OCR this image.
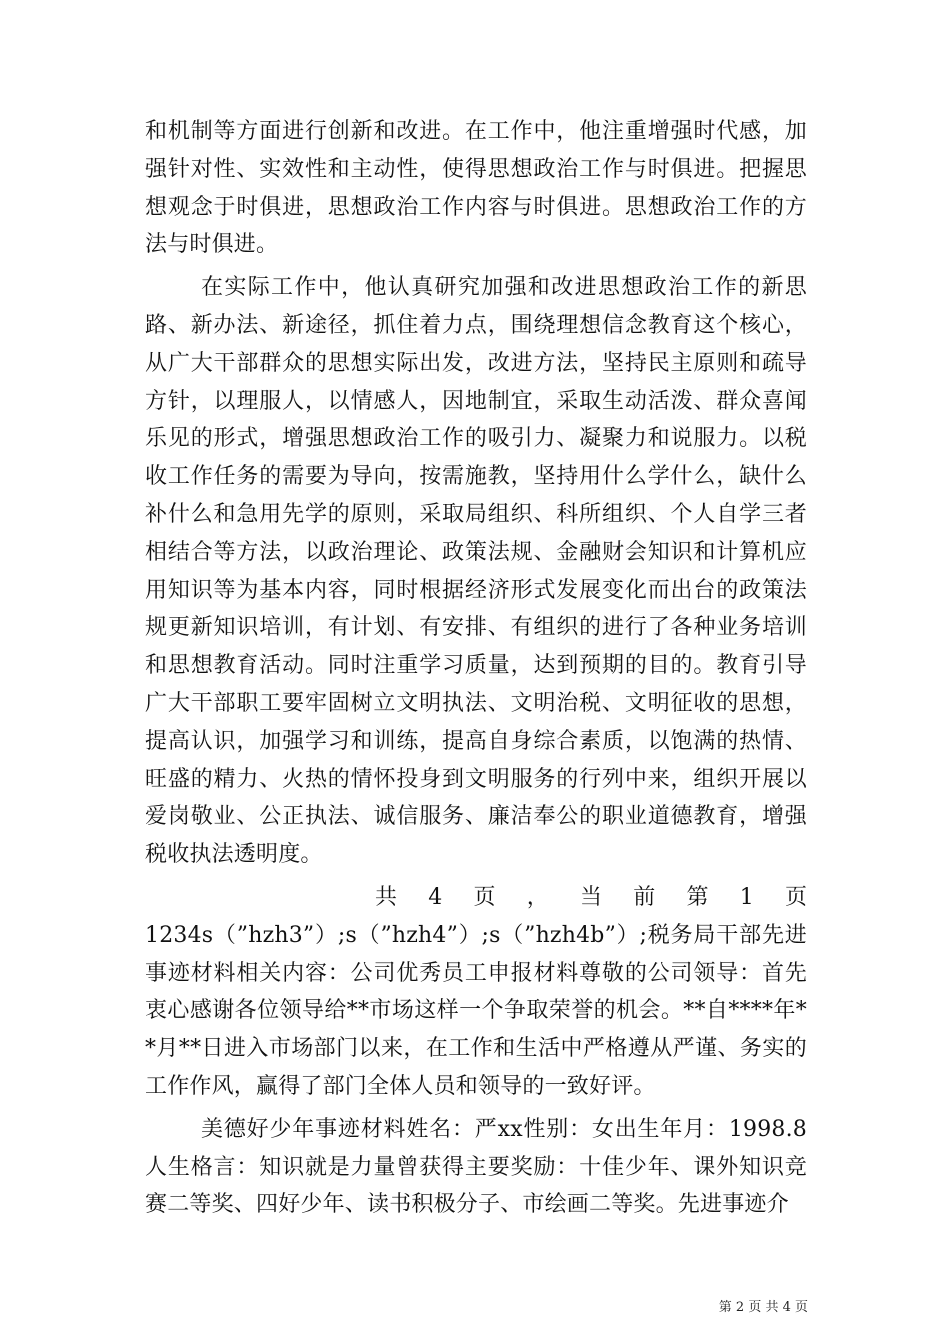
和机制等方面进行创新和改进。在工作中，他注重增强时代感，加强针对性、实效性和主动性，使得思想政治工作与时俱进。把握思想观念于时俱进，思想政治工作内容与时俱进。思想政治工作的方法与时俱进。

在实际工作中，他认真研究加强和改进思想政治工作的新思路、新办法、新途径，抓住着力点，围绕理想信念教育这个核心，从广大干部群众的思想实际出发，改进方法，坚持民主原则和疏导方针，以理服人，以情感人，因地制宜，采取生动活泼、群众喜闻乐见的形式，增强思想政治工作的吸引力、凝聚力和说服力。以税收工作任务的需要为导向，按需施教，坚持用什么学什么，缺什么补什么和急用先学的原则，采取局组织、科所组织、个人自学三者相结合等方法，以政治理论、政策法规、金融财会知识和计算机应用知识等为基本内容，同时根据经济形式发展变化而出台的政策法规更新知识培训，有计划、有安排、有组织的进行了各种业务培训和思想教育活动。同时注重学习质量，达到预期的目的。教育引导广大干部职工要牢固树立文明执法、文明治税、文明征收的思想，提高认识，加强学习和训练，提高自身综合素质，以饱满的热情、旺盛的精力、火热的情怀投身到文明服务的行列中来，组织开展以爱岗敬业、公正执法、诚信服务、廉洁奉公的职业道德教育，增强税收执法透明度。

共 4 页 ， 当 前 第 1 页

1234s（”hzh3”）;s（”hzh4”）;s（”hzh4b”）;税务局干部先进事迹材料相关内容：公司优秀员工申报材料尊敬的公司领导：首先衷心感谢各位领导给**市场这样一个争取荣誉的机会。**自****年**月**日进入市场部门以来，在工作和生活中严格遵从严谨、务实的工作作风，赢得了部门全体人员和领导的一致好评。

美德好少年事迹材料姓名：严xx性别：女出生年月：1998.8人生格言：知识就是力量曾获得主要奖励：十佳少年、课外知识竞赛二等奖、四好少年、读书积极分子、市绘画二等奖。先进事迹介

第 2 页 共 4 页
